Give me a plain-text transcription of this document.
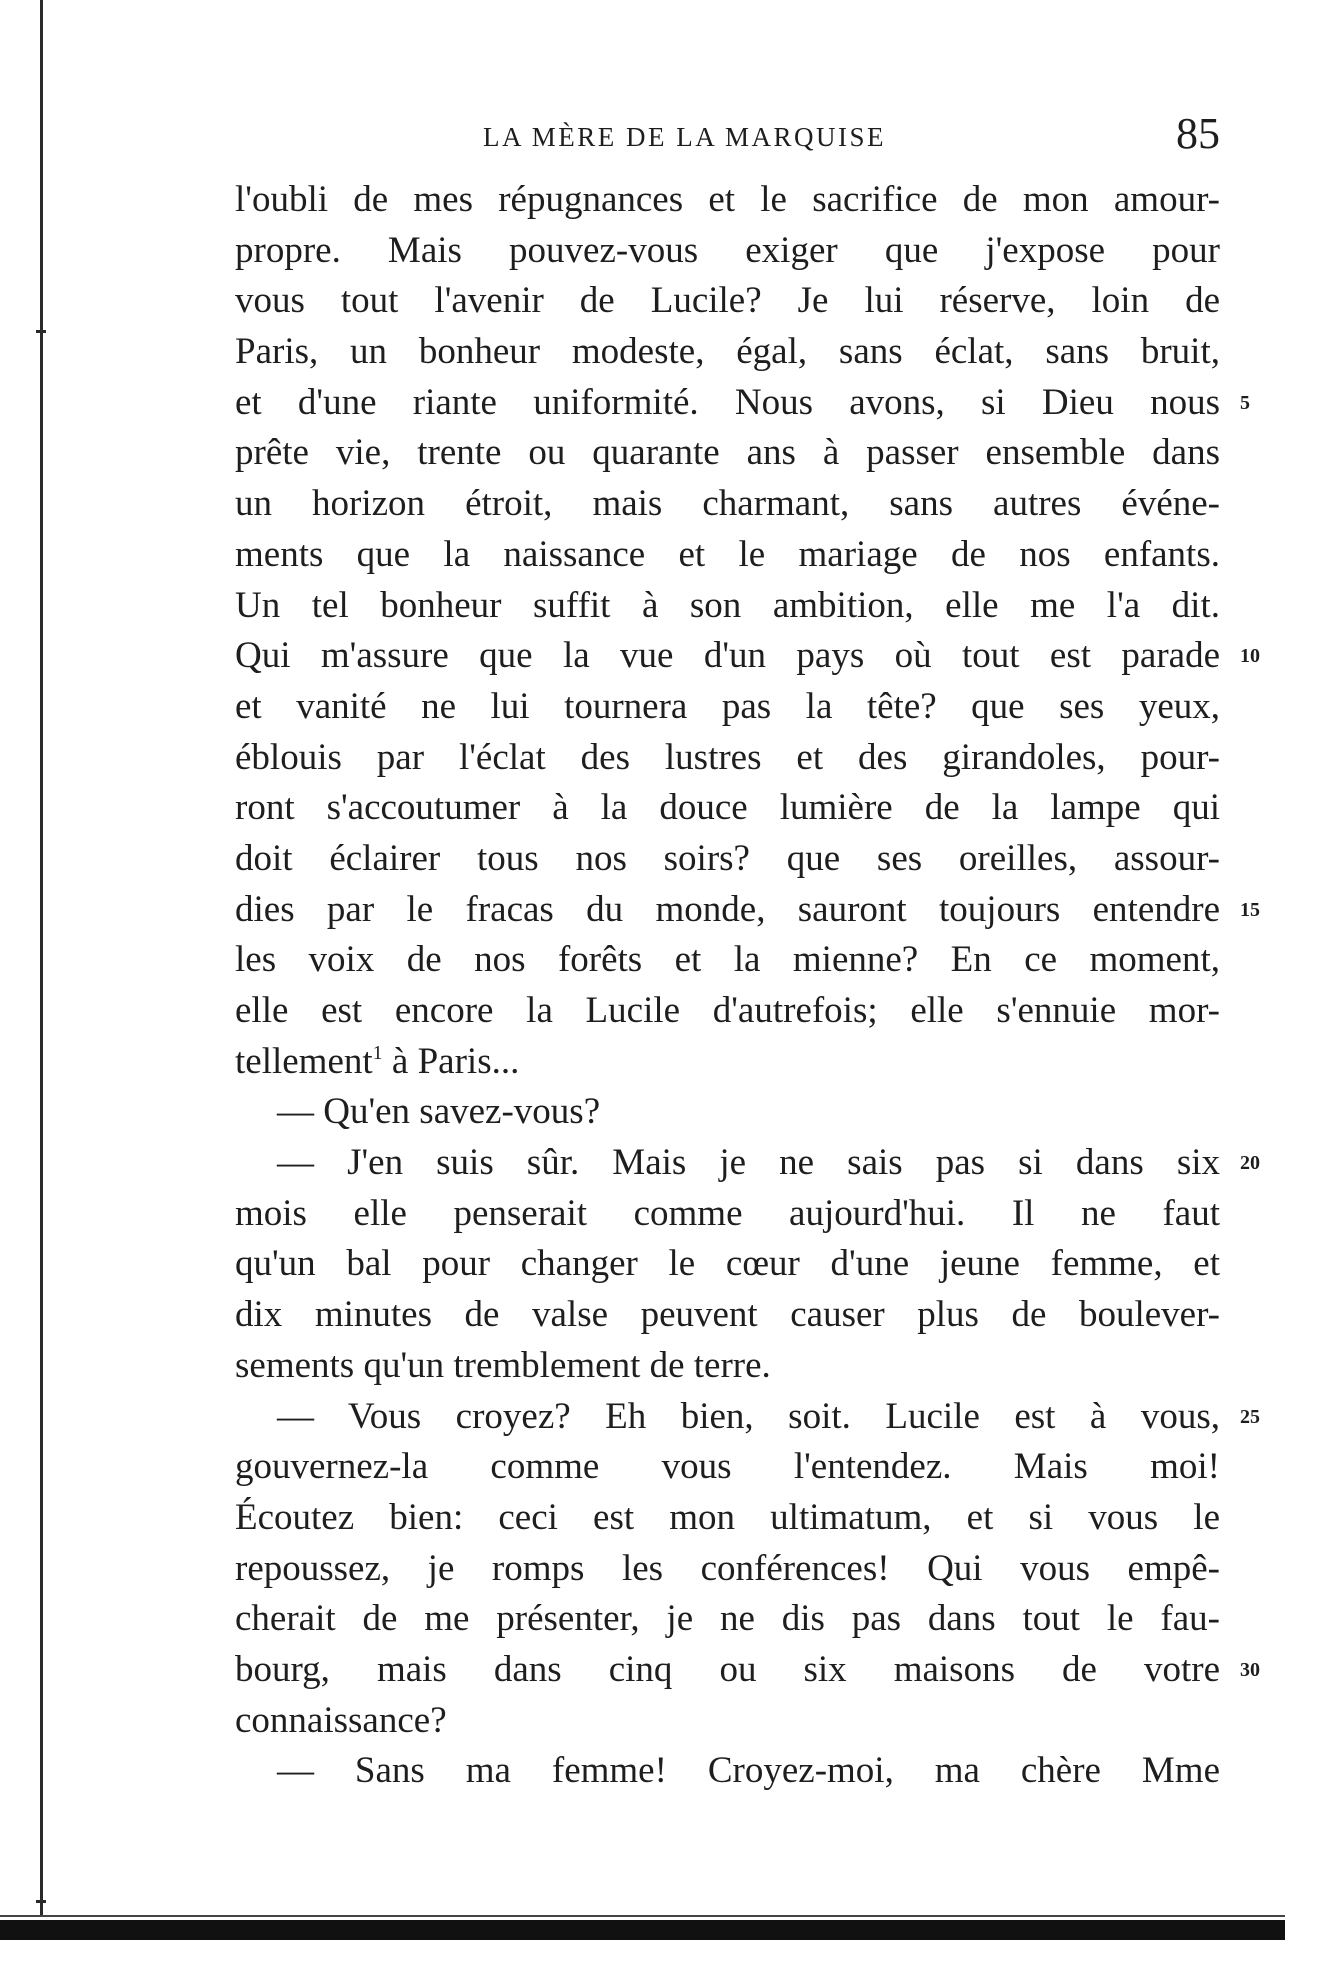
LA MÈRE DE LA MARQUISE	85
l'oubli de mes répugnances et le sacrifice de mon amour-
propre. Mais pouvez-vous exiger que j'expose pour
vous tout l'avenir de Lucile? Je lui réserve, loin de
Paris, un bonheur modeste, égal, sans éclat, sans bruit,
et d'une riante uniformité. Nous avons, si Dieu nous 5
prête vie, trente ou quarante ans à passer ensemble dans
un horizon étroit, mais charmant, sans autres événe-
ments que la naissance et le mariage de nos enfants.
Un tel bonheur suffit à son ambition, elle me l'a dit.
Qui m'assure que la vue d'un pays où tout est parade 10
et vanité ne lui tournera pas la tête? que ses yeux,
éblouis par l'éclat des lustres et des girandoles, pour-
ront s'accoutumer à la douce lumière de la lampe qui
doit éclairer tous nos soirs? que ses oreilles, assour-
dies par le fracas du monde, sauront toujours entendre 15
les voix de nos forêts et la mienne? En ce moment,
elle est encore la Lucile d'autrefois; elle s'ennuie mor-
tellement$^1$ à Paris...
— Qu'en savez-vous?
— J'en suis sûr. Mais je ne sais pas si dans six 20
mois elle penserait comme aujourd'hui. Il ne faut
qu'un bal pour changer le cœur d'une jeune femme, et
dix minutes de valse peuvent causer plus de boulever-
sements qu'un tremblement de terre.
— Vous croyez? Eh bien, soit. Lucile est à vous, 25
gouvernez-la comme vous l'entendez. Mais moi!
Écoutez bien: ceci est mon ultimatum, et si vous le
repoussez, je romps les conférences! Qui vous empê-
cherait de me présenter, je ne dis pas dans tout le fau-
bourg, mais dans cinq ou six maisons de votre 30
connaissance?
— Sans ma femme! Croyez-moi, ma chère Mme
